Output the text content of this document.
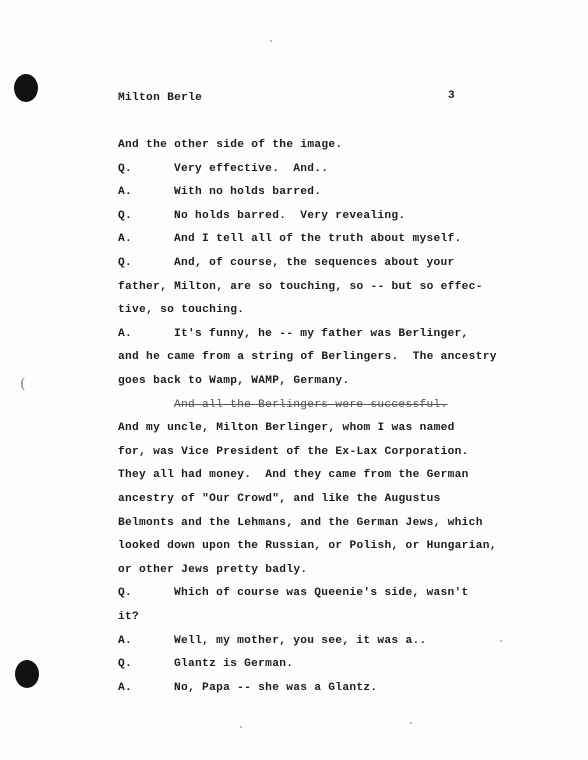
(
Milton Berle	3
And the other side of the image.
Q.	Very effective.  And..
A.	With no holds barred.
Q.	No holds barred.  Very revealing.
A.	And I tell all of the truth about myself.
Q.	And, of course, the sequences about your
father, Milton, are so touching, so -- but so effec-
tive, so touching.
A.	It's funny, he -- my father was Berlinger,
and he came from a string of Berlingers.  The ancestry
goes back to Wamp, WAMP, Germany.
And all the Berlingers were successful.
And my uncle, Milton Berlinger, whom I was named
for, was Vice President of the Ex-Lax Corporation.
They all had money.  And they came from the German
ancestry of "Our Crowd", and like the Augustus
Belmonts and the Lehmans, and the German Jews, which
looked down upon the Russian, or Polish, or Hungarian,
or other Jews pretty badly.
Q.	Which of course was Queenie's side, wasn't
it?
A.	Well, my mother, you see, it was a..
Q.	Glantz is German.
A.	No, Papa -- she was a Glantz.
